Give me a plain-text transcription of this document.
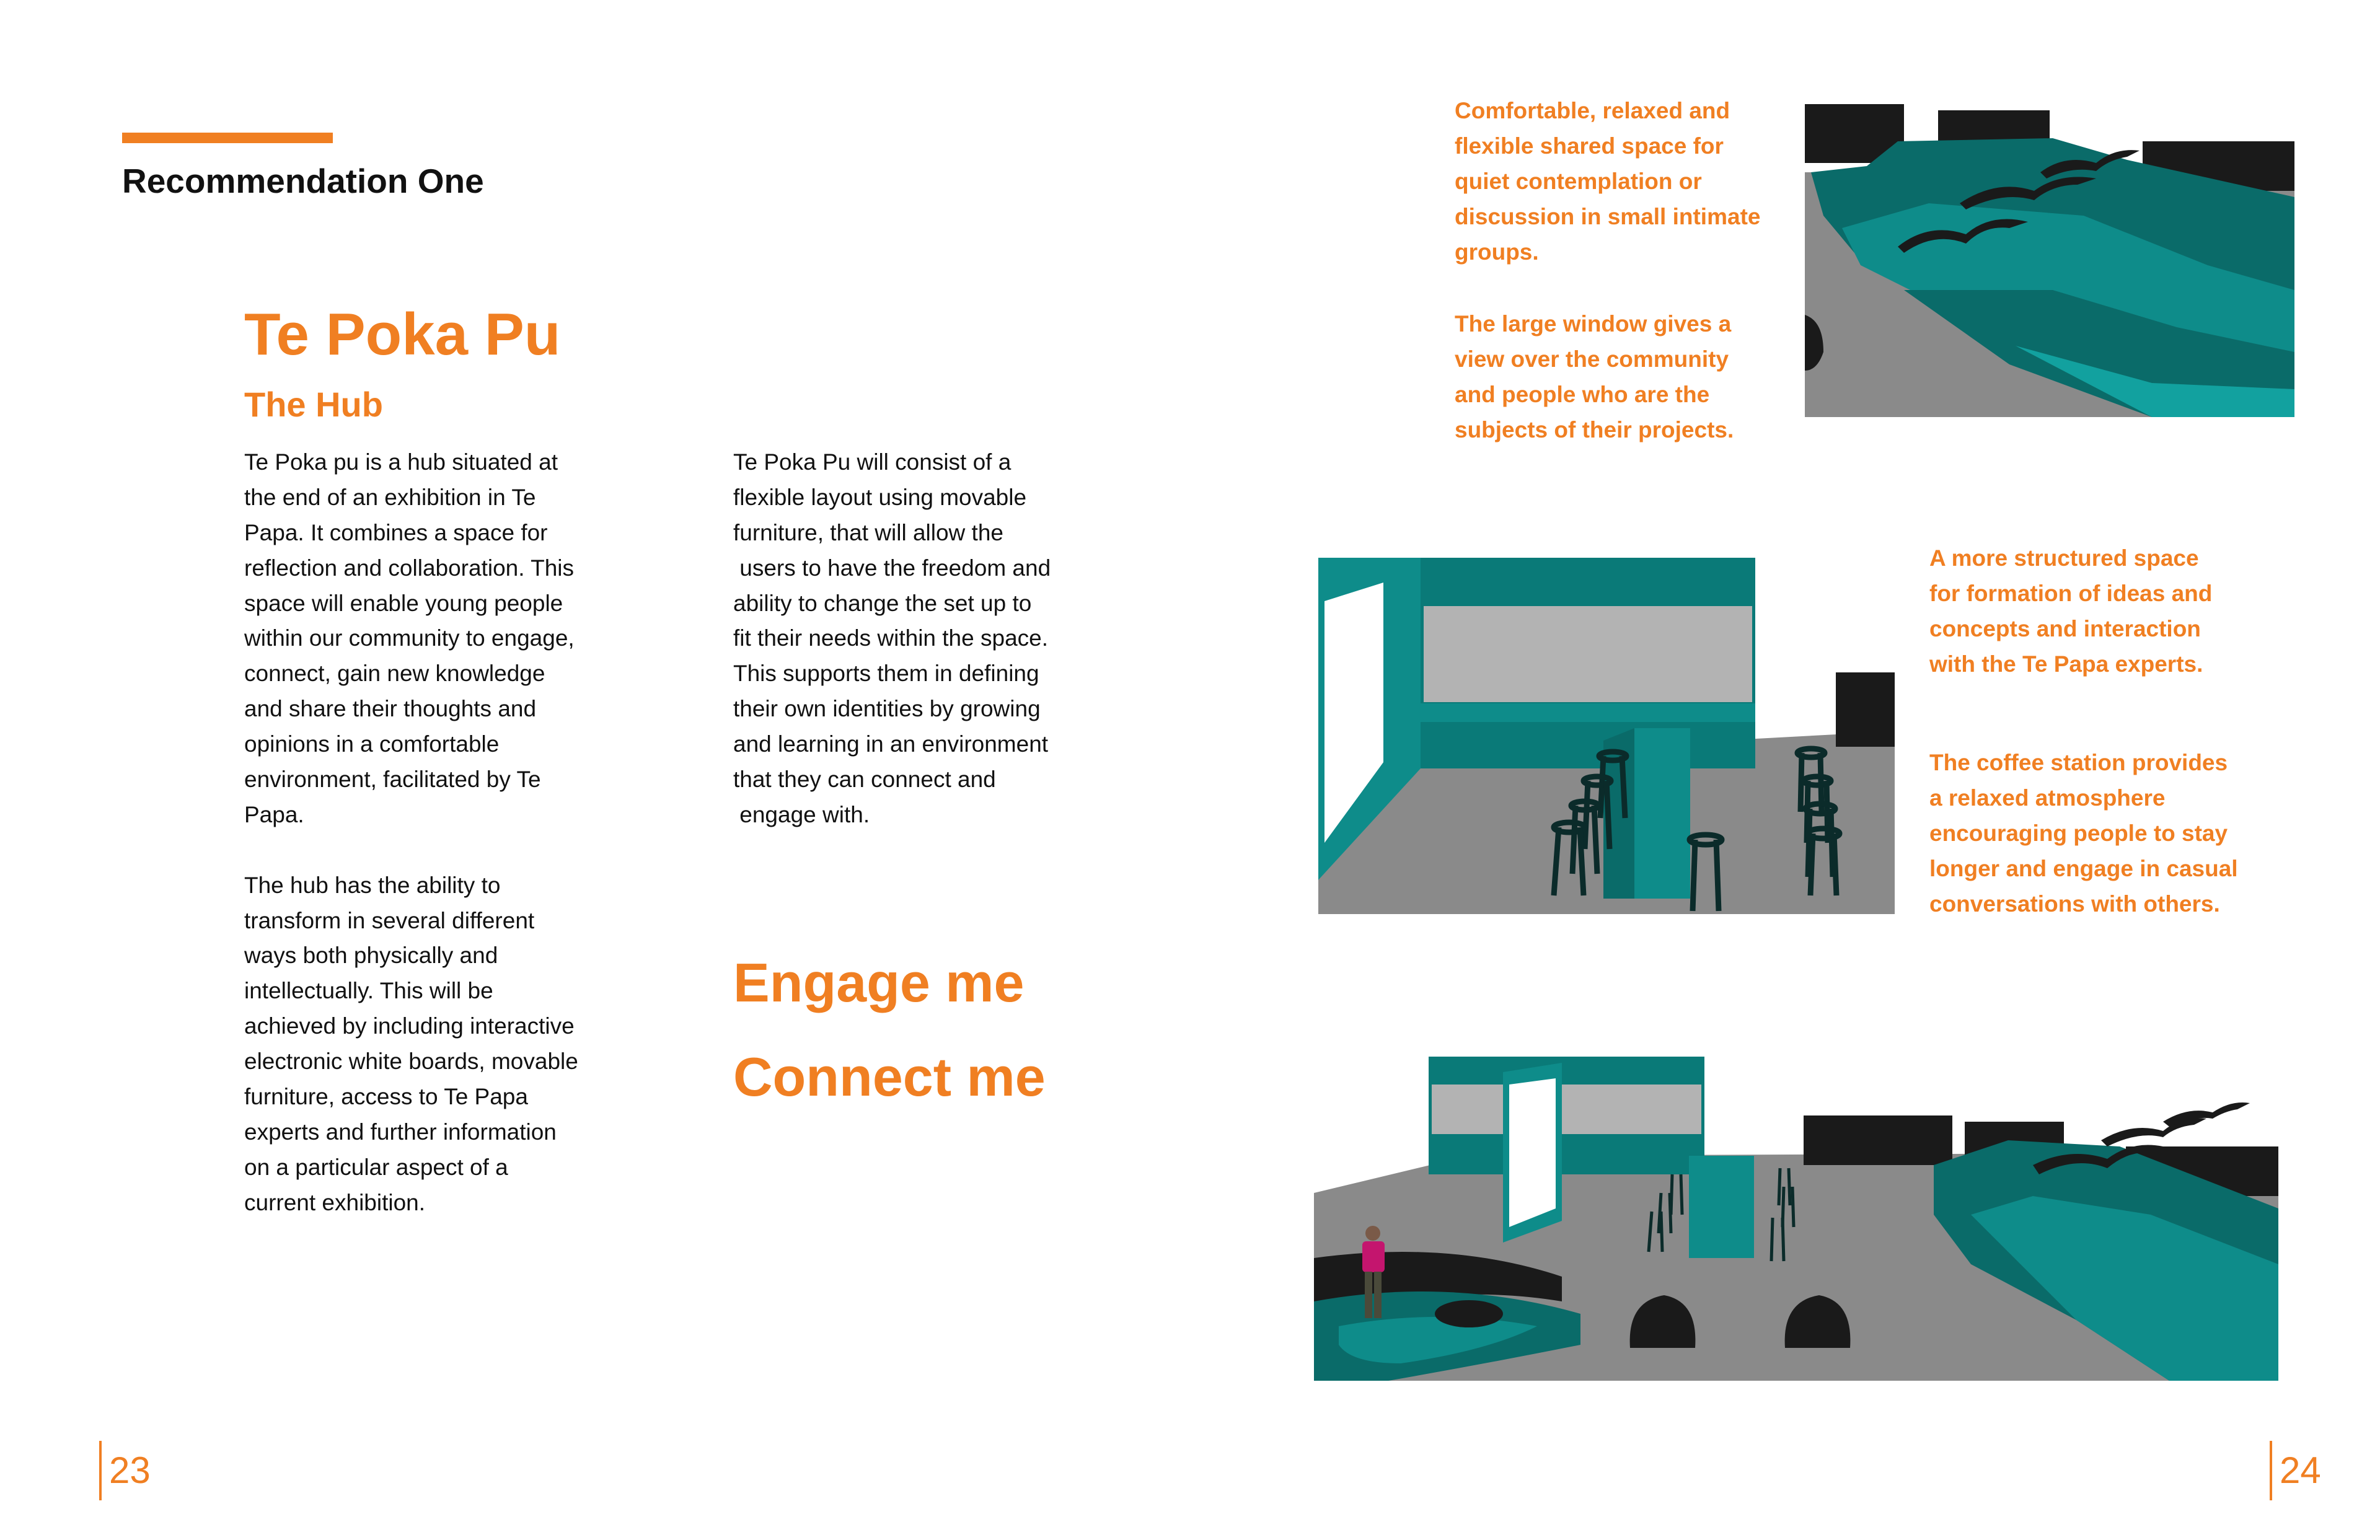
Recommendation One
Te Poka Pu
The Hub
Te Poka pu is a hub situated at
the end of an exhibition in Te
Papa. It combines a space for
reflection and collaboration. This
space will enable young people
within our community to engage,
connect, gain new knowledge
and share their thoughts and
opinions in a comfortable
environment, facilitated by Te
Papa.
The hub has the ability to
transform in several different
ways both physically and
intellectually. This will be
achieved by including interactive
electronic white boards, movable
furniture, access to Te Papa
experts and further information
on a particular aspect of a
current exhibition.
Te Poka Pu will consist of a
flexible layout using movable
furniture, that will allow the
users to have the freedom and
ability to change the set up to
fit their needs within the space.
This supports them in defining
their own identities by growing
and learning in an environment
that they can connect and
engage with.
Engage me
Connect me
23
Comfortable, relaxed and
flexible shared space for
quiet contemplation or
discussion in small intimate
groups.
The large window gives a
view over the community
and people who are the
subjects of their projects.
A more structured space
for formation of ideas and
concepts and interaction
with the Te Papa experts.
The coffee station provides
a relaxed atmosphere
encouraging people to stay
longer and engage in casual
conversations with others.
24
